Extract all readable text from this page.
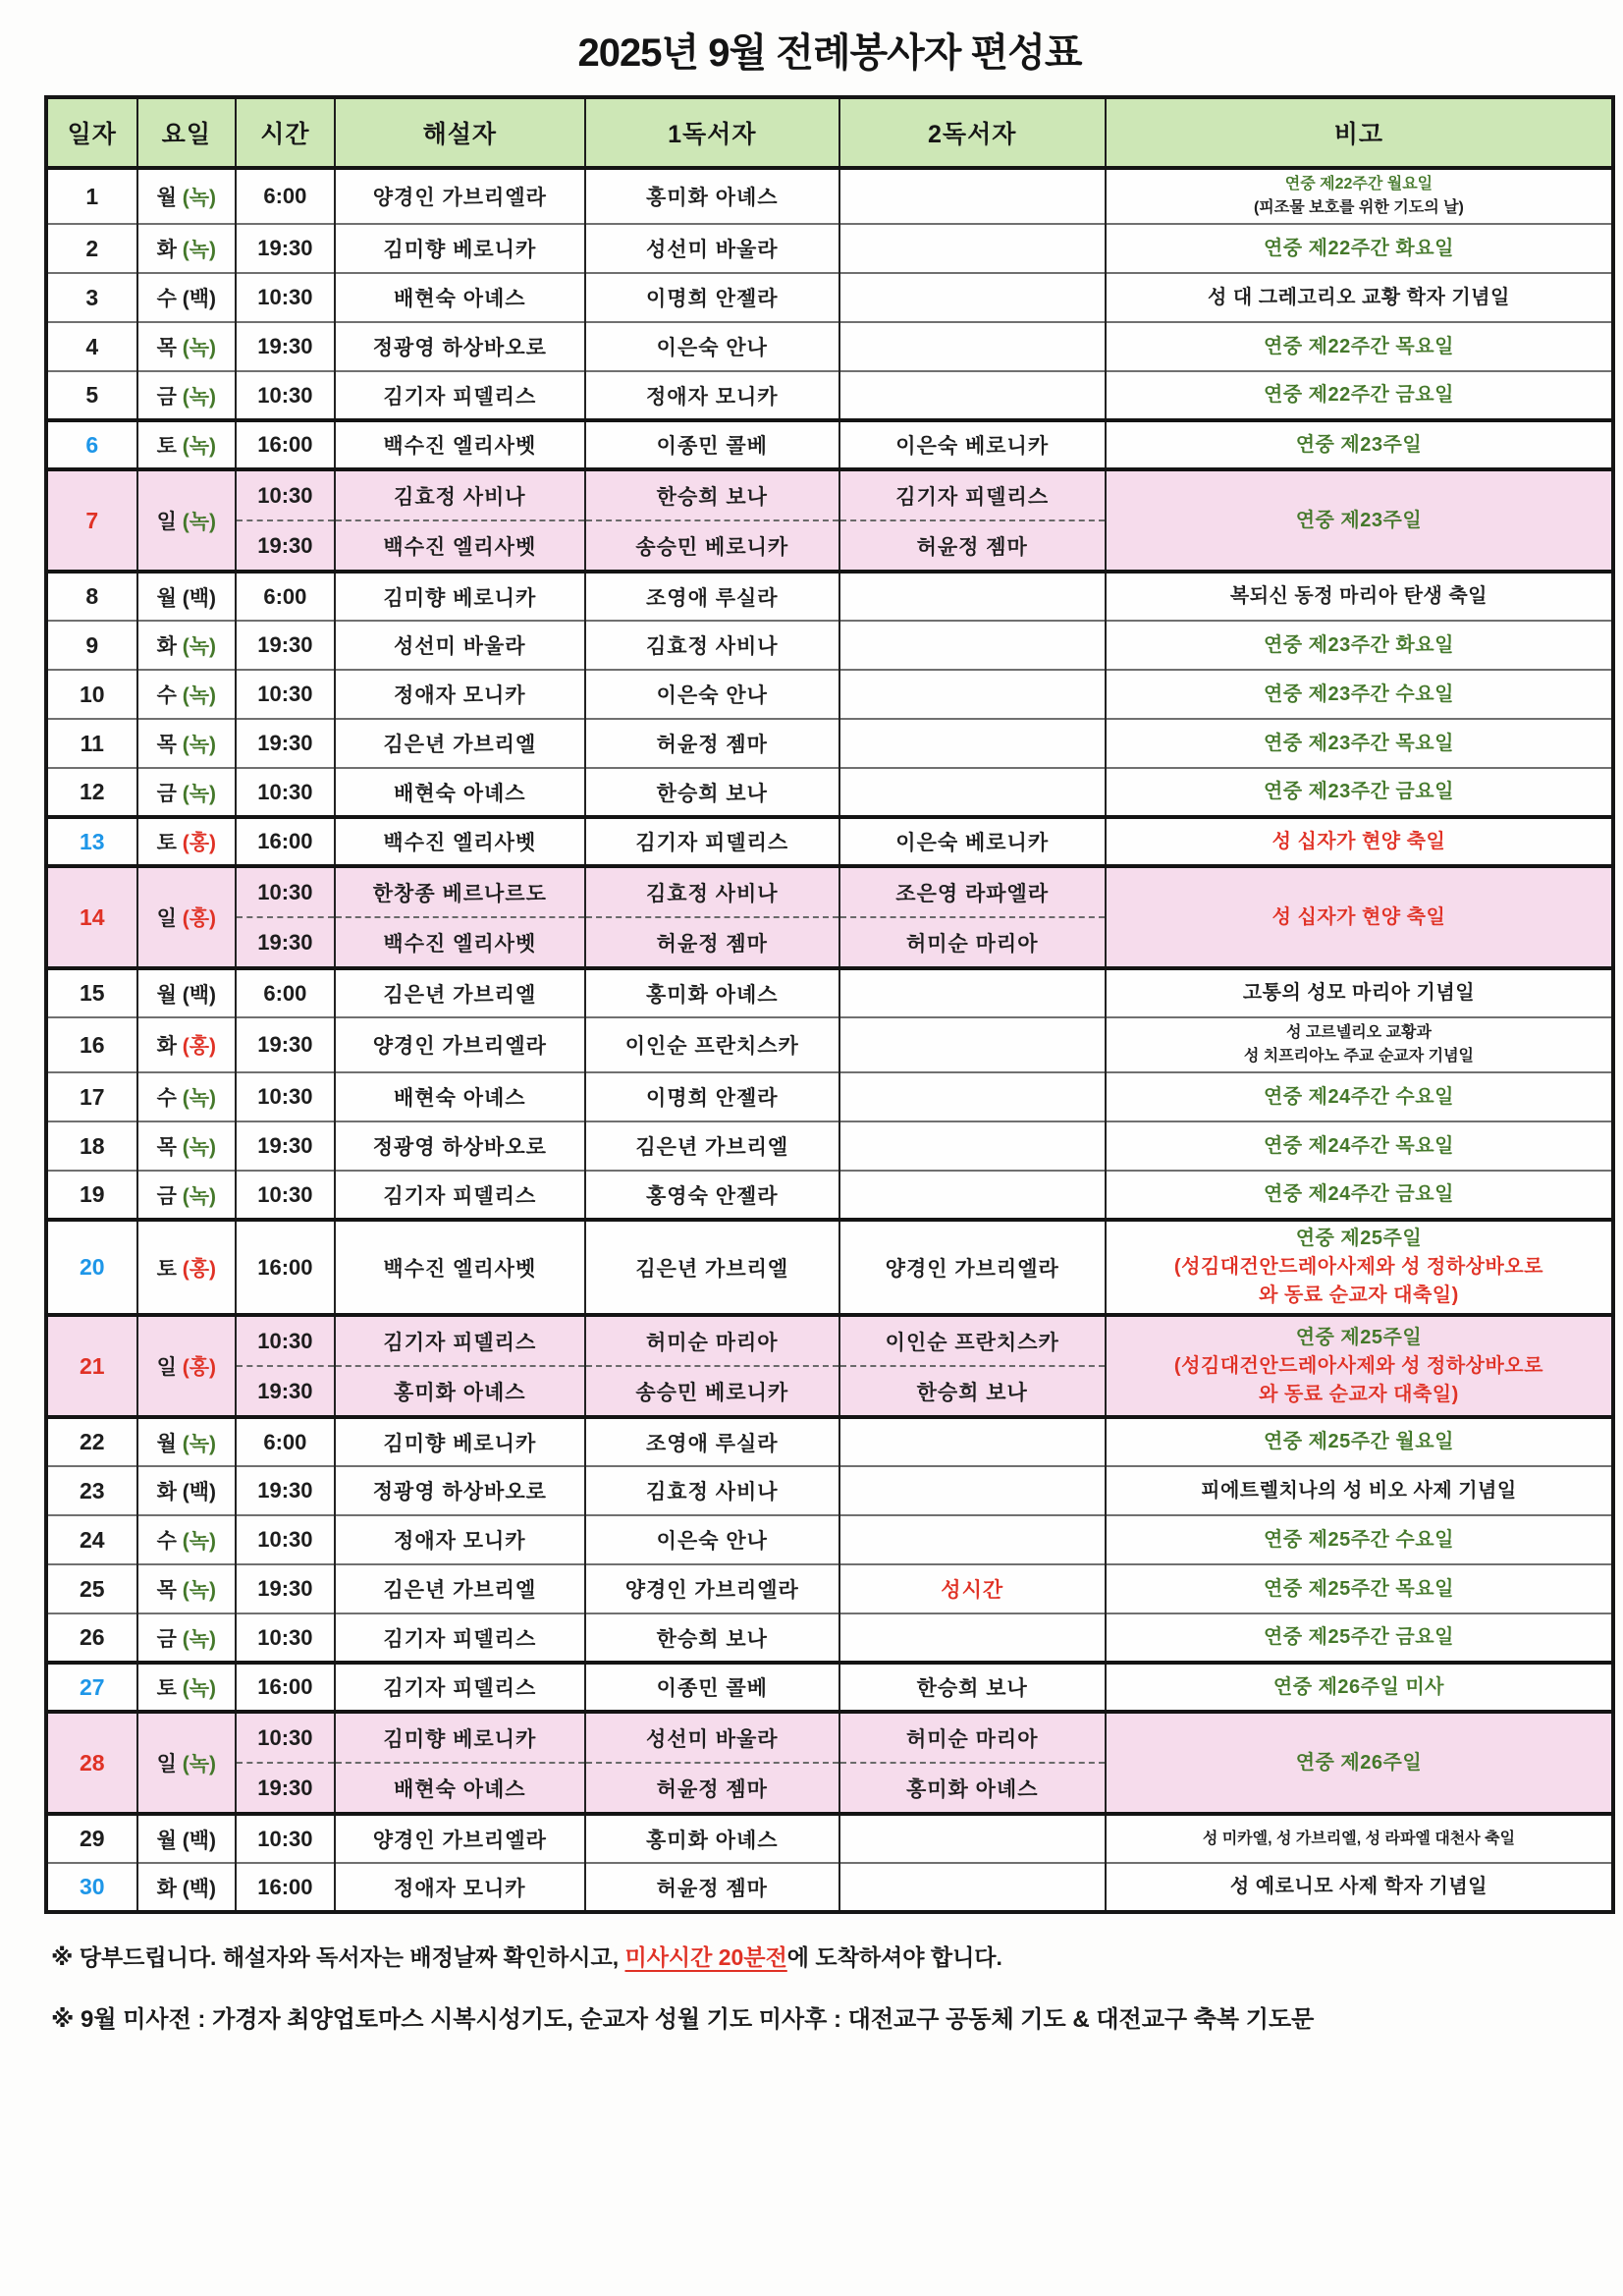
2025년 9월 전례봉사자 편성표
일자	요일	시간	해설자	1독서자	2독서자	비고
1	월 (녹)	6:00	양경인 가브리엘라	홍미화 아녜스		연중 제22주간 월요일
(피조물 보호를 위한 기도의 날)

2	화 (녹)	19:30	김미향 베로니카	성선미 바울라		연중 제22주간 화요일

3	수 (백)	10:30	배현숙 아녜스	이명희 안젤라		성 대 그레고리오 교황 학자 기념일

4	목 (녹)	19:30	정광영 하상바오로	이은숙 안나		연중 제22주간 목요일

5	금 (녹)	10:30	김기자 피델리스	정애자 모니카		연중 제22주간 금요일

6	토 (녹)	16:00	백수진 엘리사벳	이종민 콜베	이은숙 베로니카	연중 제23주일

7	일 (녹)	10:30	김효정 사비나	한승희 보나	김기자 피델리스	연중 제23주일

		19:30	백수진 엘리사벳	송승민 베로니카	허윤정 젬마	
8	월 (백)	6:00	김미향 베로니카	조영애 루실라		복되신 동정 마리아 탄생 축일

9	화 (녹)	19:30	성선미 바울라	김효정 사비나		연중 제23주간 화요일

10	수 (녹)	10:30	정애자 모니카	이은숙 안나		연중 제23주간 수요일

11	목 (녹)	19:30	김은년 가브리엘	허윤정 젬마		연중 제23주간 목요일

12	금 (녹)	10:30	배현숙 아녜스	한승희 보나		연중 제23주간 금요일

13	토 (홍)	16:00	백수진 엘리사벳	김기자 피델리스	이은숙 베로니카	성 십자가 현양 축일

14	일 (홍)	10:30	한창종 베르나르도	김효정 사비나	조은영 라파엘라	성 십자가 현양 축일

		19:30	백수진 엘리사벳	허윤정 젬마	허미순 마리아	
15	월 (백)	6:00	김은년 가브리엘	홍미화 아녜스		고통의 성모 마리아 기념일

16	화 (홍)	19:30	양경인 가브리엘라	이인순 프란치스카		성 고르넬리오 교황과
성 치프리아노 주교 순교자 기념일

17	수 (녹)	10:30	배현숙 아녜스	이명희 안젤라		연중 제24주간 수요일

18	목 (녹)	19:30	정광영 하상바오로	김은년 가브리엘		연중 제24주간 목요일

19	금 (녹)	10:30	김기자 피델리스	홍영숙 안젤라		연중 제24주간 금요일

20	토 (홍)	16:00	백수진 엘리사벳	김은년 가브리엘	양경인 가브리엘라	연중 제25주일
(성김대건안드레아사제와 성 정하상바오로
와 동료 순교자 대축일)

21	일 (홍)	10:30	김기자 피델리스	허미순 마리아	이인순 프란치스카	연중 제25주일
(성김대건안드레아사제와 성 정하상바오로
와 동료 순교자 대축일)

		19:30	홍미화 아녜스	송승민 베로니카	한승희 보나	
22	월 (녹)	6:00	김미향 베로니카	조영애 루실라		연중 제25주간 월요일

23	화 (백)	19:30	정광영 하상바오로	김효정 사비나		피에트렐치나의 성 비오 사제 기념일

24	수 (녹)	10:30	정애자 모니카	이은숙 안나		연중 제25주간 수요일

25	목 (녹)	19:30	김은년 가브리엘	양경인 가브리엘라	성시간	연중 제25주간 목요일

26	금 (녹)	10:30	김기자 피델리스	한승희 보나		연중 제25주간 금요일

27	토 (녹)	16:00	김기자 피델리스	이종민 콜베	한승희 보나	연중 제26주일 미사

28	일 (녹)	10:30	김미향 베로니카	성선미 바울라	허미순 마리아	연중 제26주일

		19:30	배현숙 아녜스	허윤정 젬마	홍미화 아녜스	
29	월 (백)	10:30	양경인 가브리엘라	홍미화 아녜스		성 미카엘, 성 가브리엘, 성 라파엘 대천사 축일

30	화 (백)	16:00	정애자 모니카	허윤정 젬마		성 예로니모 사제 학자 기념일

※ 당부드립니다. 해설자와 독서자는 배정날짜 확인하시고, 미사시간 20분전에 도착하셔야 합니다.

※ 9월 미사전 : 가경자 최양업토마스 시복시성기도, 순교자 성월 기도 미사후 : 대전교구 공동체 기도 & 대전교구 축복 기도문
